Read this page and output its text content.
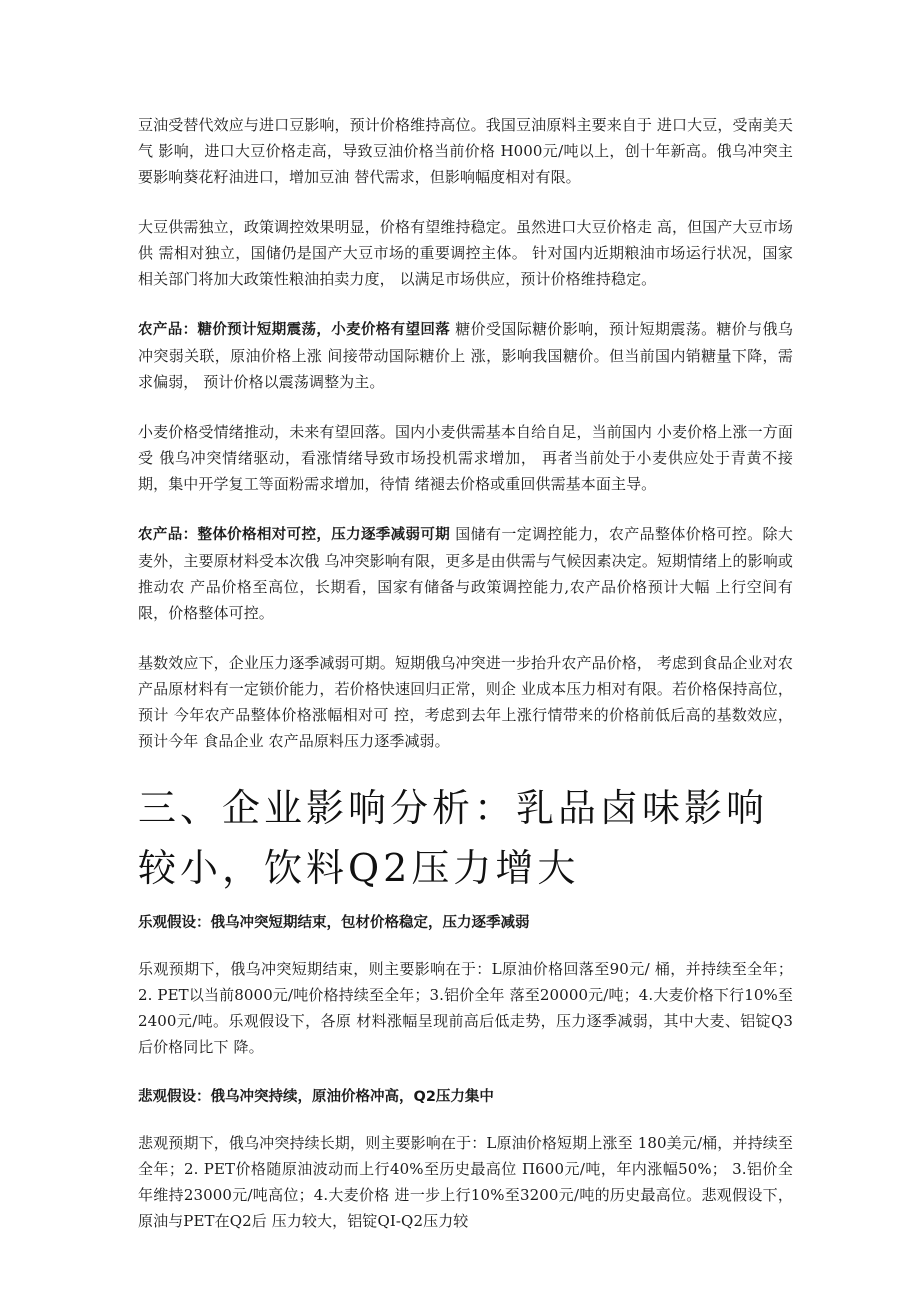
豆油受替代效应与进口豆影响，预计价格维持高位。我国豆油原料主要来自于 进口大豆，受南美天气 影响，进口大豆价格走高，导致豆油价格当前价格 H000元/吨以上，创十年新高。俄乌冲突主要影响葵花籽油进口，增加豆油 替代需求，但影响幅度相对有限。

大豆供需独立，政策调控效果明显，价格有望维持稳定。虽然进口大豆价格走 高，但国产大豆市场供 需相对独立，国储仍是国产大豆市场的重要调控主体。 针对国内近期粮油市场运行状况，国家相关部门将加大政策性粮油拍卖力度， 以满足市场供应，预计价格维持稳定。

农产品：糖价预计短期震荡，小麦价格有望回落 糖价受国际糖价影响，预计短期震荡。糖价与俄乌冲突弱关联，原油价格上涨 间接带动国际糖价上 涨，影响我国糖价。但当前国内销糖量下降，需求偏弱， 预计价格以震荡调整为主。

小麦价格受情绪推动，未来有望回落。国内小麦供需基本自给自足，当前国内 小麦价格上涨一方面受 俄乌冲突情绪驱动，看涨情绪导致市场投机需求增加， 再者当前处于小麦供应处于青黄不接期，集中开学复工等面粉需求增加，待情 绪褪去价格或重回供需基本面主导。

农产品：整体价格相对可控，压力逐季减弱可期 国储有一定调控能力，农产品整体价格可控。除大麦外，主要原材料受本次俄 乌冲突影响有限，更多是由供需与气候因素决定。短期情绪上的影响或推动农 产品价格至高位，长期看，国家有储备与政策调控能力,农产品价格预计大幅 上行空间有限，价格整体可控。

基数效应下，企业压力逐季减弱可期。短期俄乌冲突进一步抬升农产品价格， 考虑到食品企业对农产品原材料有一定锁价能力，若价格快速回归正常，则企 业成本压力相对有限。若价格保持高位，预计 今年农产品整体价格涨幅相对可 控，考虑到去年上涨行情带来的价格前低后高的基数效应，预计今年 食品企业 农产品原料压力逐季减弱。

三、企业影响分析：乳品卤味影响较小，饮料Q2压力增大
乐观假设：俄乌冲突短期结束，包材价格稳定，压力逐季减弱

乐观预期下，俄乌冲突短期结束，则主要影响在于：L原油价格回落至90元/ 桶，并持续至全年；2. PET以当前8000元/吨价格持续至全年；3.铝价全年 落至20000元/吨；4.大麦价格下行10%至2400元/吨。乐观假设下，各原 材料涨幅呈现前高后低走势，压力逐季减弱，其中大麦、铝锭Q3后价格同比下 降。

悲观假设：俄乌冲突持续，原油价格冲高，Q2压力集中

悲观预期下，俄乌冲突持续长期，则主要影响在于：L原油价格短期上涨至 180美元/桶，并持续至全年；2. PET价格随原油波动而上行40%至历史最高位 Π600元/吨，年内涨幅50%； 3.铝价全年维持23000元/吨高位；4.大麦价格 进一步上行10%至3200元/吨的历史最高位。悲观假设下，原油与PET在Q2后 压力较大，铝锭QI-Q2压力较
